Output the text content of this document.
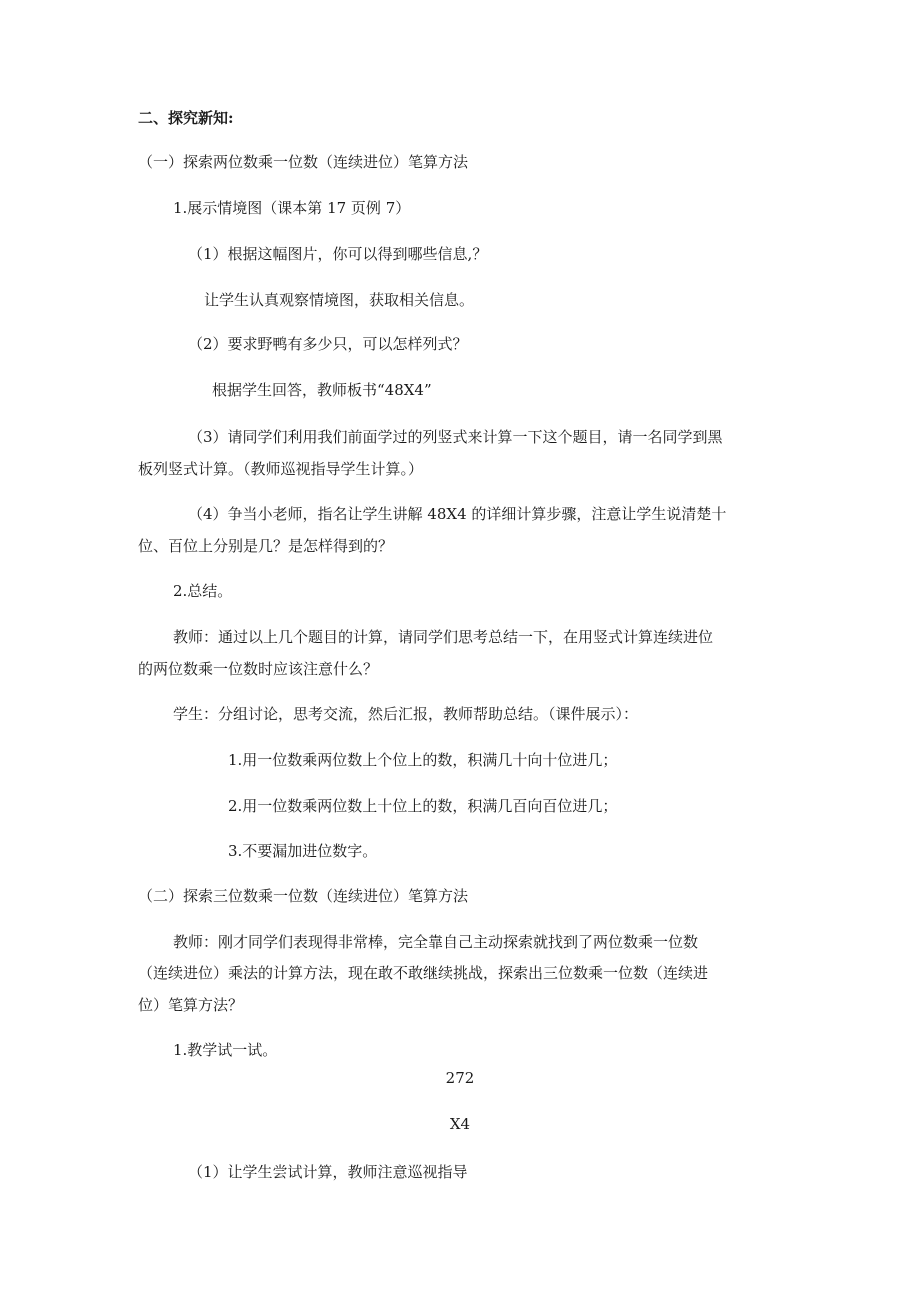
二、探究新知:
（一）探索两位数乘一位数（连续进位）笔算方法
1.展示情境图（课本第 17 页例 7）
（1）根据这幅图片，你可以得到哪些信息,？
让学生认真观察情境图，获取相关信息。
（2）要求野鸭有多少只，可以怎样列式？
根据学生回答，教师板书“48X4”
（3）请同学们利用我们前面学过的列竖式来计算一下这个题目，请一名同学到黑
板列竖式计算。（教师巡视指导学生计算。）
（4）争当小老师，指名让学生讲解 48X4 的详细计算步骤，注意让学生说清楚十
位、百位上分别是几？是怎样得到的？
2.总结。
教师：通过以上几个题目的计算，请同学们思考总结一下，在用竖式计算连续进位
的两位数乘一位数时应该注意什么？
学生：分组讨论，思考交流，然后汇报，教师帮助总结。（课件展示）：
1.用一位数乘两位数上个位上的数，积满几十向十位进几；
2.用一位数乘两位数上十位上的数，积满几百向百位进几；
3.不要漏加进位数字。
（二）探索三位数乘一位数（连续进位）笔算方法
教师：刚才同学们表现得非常棒，完全靠自己主动探索就找到了两位数乘一位数
（连续进位）乘法的计算方法，现在敢不敢继续挑战，探索出三位数乘一位数（连续进
位）笔算方法？
1.教学试一试。
272
X4
（1）让学生尝试计算，教师注意巡视指导
